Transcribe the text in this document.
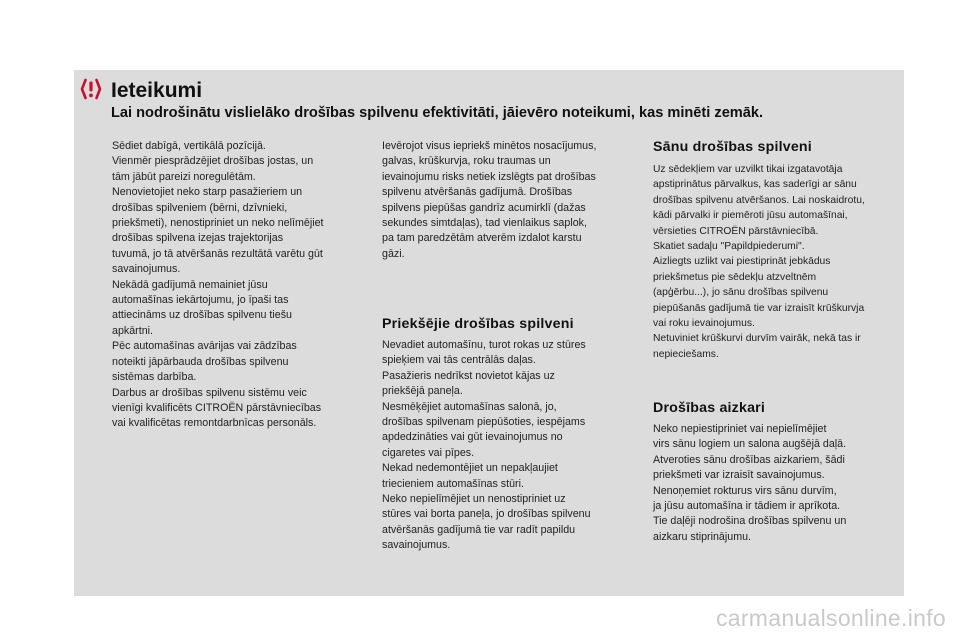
Ieteikumi
Lai nodrošinātu vislielāko drošības spilvenu efektivitāti, jāievēro noteikumi, kas minēti zemāk.

Sēdiet dabīgā, vertikālā pozīcijā.

Vienmēr piesprādzējiet drošības jostas, un

tām jābūt pareizi noregulētām.

Nenovietojiet neko starp pasažieriem un

drošības spilveniem (bērni, dzīvnieki,

priekšmeti), nenostipriniet un neko nelīmējiet

drošības spilvena izejas trajektorijas

tuvumā, jo tā atvēršanās rezultātā varētu gūt

savainojumus.

Nekādā gadījumā nemainiet jūsu

automašīnas iekārtojumu, jo īpaši tas

attiecināms uz drošības spilvenu tiešu

apkārtni.

Pēc automašīnas avārijas vai zādzības

noteikti jāpārbauda drošības spilvenu

sistēmas darbība.

Darbus ar drošības spilvenu sistēmu veic

vienīgi kvalificēts CITROËN pārstāvniecības

vai kvalificētas remontdarbnīcas personāls.

Ievērojot visus iepriekš minētos nosacījumus,

galvas, krūškurvja, roku traumas un

ievainojumu risks netiek izslēgts pat drošības

spilvenu atvēršanās gadījumā. Drošības

spilvens piepūšas gandrīz acumirklī (dažas

sekundes simtdaļas), tad vienlaikus saplok,

pa tam paredzētām atverēm izdalot karstu

gāzi.

Priekšējie drošības spilveni

Nevadiet automašīnu, turot rokas uz stūres

spieķiem vai tās centrālās daļas.

Pasažieris nedrīkst novietot kājas uz

priekšējā paneļa.

Nesmēķējiet automašīnas salonā, jo,

drošības spilvenam piepūšoties, iespējams

apdedzināties vai gūt ievainojumus no

cigaretes vai pīpes.

Nekad nedemontējiet un nepakļaujiet

triecieniem automašīnas stūri.

Neko nepielīmējiet un nenostipriniet uz

stūres vai borta paneļa, jo drošības spilvenu

atvēršanās gadījumā tie var radīt papildu

savainojumus.

Sānu drošības spilveni

Uz sēdekļiem var uzvilkt tikai izgatavotāja

apstiprinātus pārvalkus, kas saderīgi ar sānu

drošības spilvenu atvēršanos. Lai noskaidrotu,

kādi pārvalki ir piemēroti jūsu automašīnai,

vērsieties CITROËN pārstāvniecībā.

Skatiet sadaļu "Papildpiederumi".

Aizliegts uzlikt vai piestiprināt jebkādus

priekšmetus pie sēdekļu atzveltnēm

(apģērbu...), jo sānu drošības spilvenu

piepūšanās gadījumā tie var izraisīt krūškurvja

vai roku ievainojumus.

Netuviniet krūškurvi durvīm vairāk, nekā tas ir

nepieciešams.

Drošības aizkari

Neko nepiestipriniet vai nepielīmējiet

virs sānu logiem un salona augšējā daļā.

Atveroties sānu drošības aizkariem, šādi

priekšmeti var izraisīt savainojumus.

Nenoņemiet rokturus virs sānu durvīm,

ja jūsu automašīna ir tādiem ir aprīkota.

Tie daļēji nodrošina drošības spilvenu un

aizkaru stiprinājumu.

carmanualsonline.info
